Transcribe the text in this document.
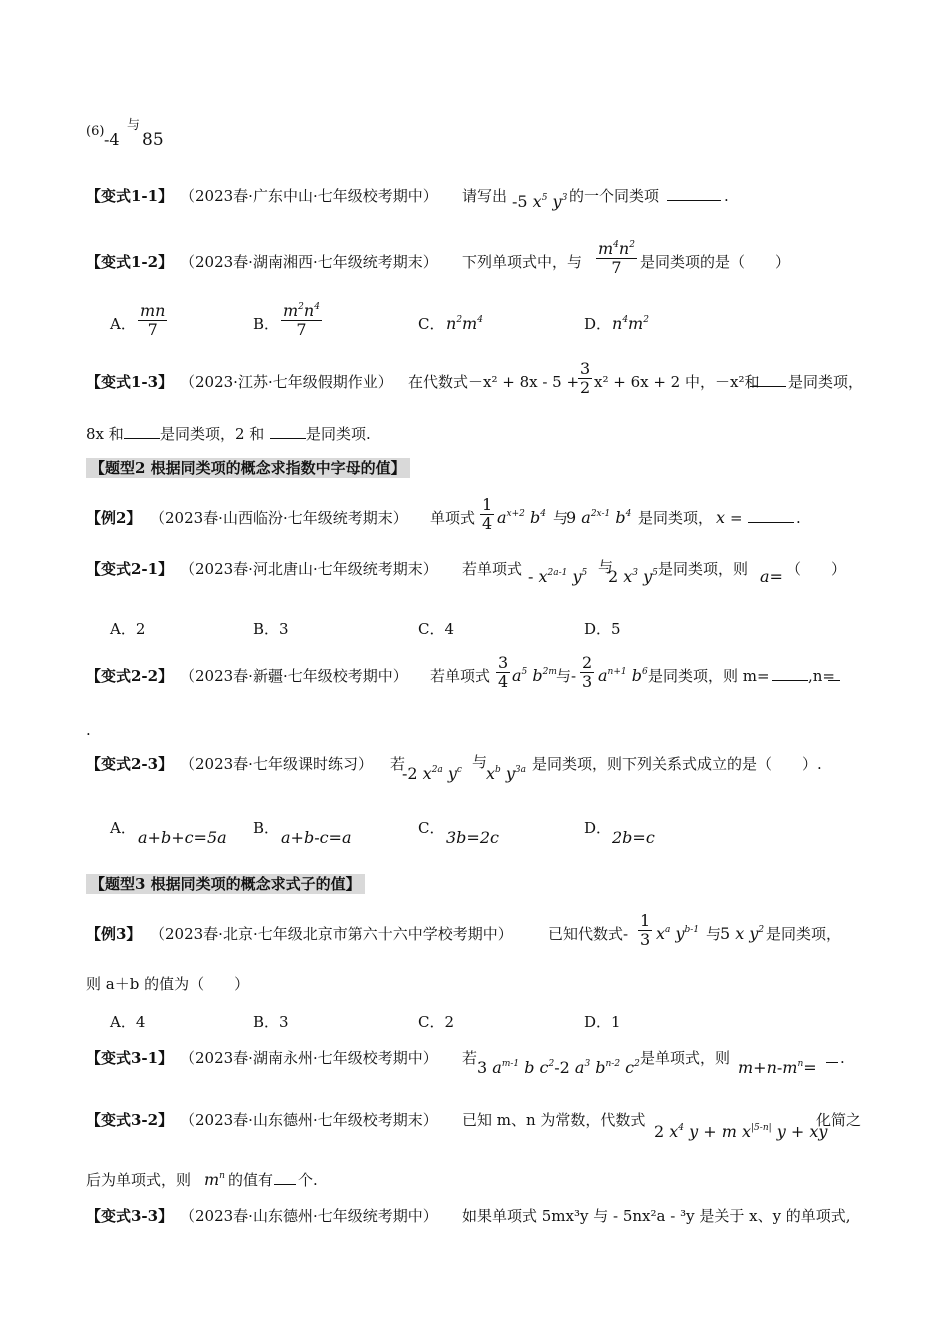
(6) -4
与
85
【变式1-1】 （2023春·广东中山·七年级校考期中） 请写出 -5 $x^5$ $y^3$ 的一个同类项	.
【变式1-2】 （2023春·湖南湘西·七年级统考期末） 下列单项式中，与 $\frac{m^4n^2}{7}$ 是同类项的是（　　）
A． $\frac{mn}{7}$	B． $\frac{m^2n^4}{7}$	C． $n^2m^4$	D． $n^4m^2$
【变式1-3】 （2023·江苏·七年级假期作业） 在代数式－x² + 8x - 5 +
$\frac{3}{2} x^2 + 6x + 2$ 中，－x²和 是同类项，
8x 和 是同类项，2 和	是同类项.
【题型2 根据同类项的概念求指数中字母的值】
【例2】 （2023春·山西临汾·七年级统考期末） 单项式 $\frac{1}{4} a^{x+2}$ $b^4$ 与
9 $a^{2x-1}$ $b^4$ 是同类项， x =	.
【变式2-1】 （2023春·河北唐山·七年级统考期末） 若单项式 - $x^{2a-1}$ $y^5$ 与
2 $x^3$ $y^5$ 是同类项，则 a= （　　）
A．2	B．3	C．4	D．5
【变式2-2】 （2023春·新疆·七年级校考期中） 若单项式 $\frac{3}{4} a^5$ $b^{2m}$ 与- $\frac{2}{3} a^{n+1}$ $b^6$ 是同类项，则 m=	,n=
.
【变式2-3】 （2023春·七年级课时练习） 若
-2 $x^{2a}$ $y^c$ 与
$x^b$ $y^{3a}$ 是同类项，则下列关系式成立的是（　　）.
A． a+b+c=5a B． a+b-c=a	C． 3b=2c	D． 2b=c
【题型3 根据同类项的概念求式子的值】
【例3】 （2023春·北京·七年级北京市第六十六中学校考期中） 已知代数式- $\frac{1}{3} x^a$ $y^{b-1}$ 与
5 x $y^2$ 是同类项，
则 a＋b 的值为（　　）
A．4	B．3	C．2	D．1
【变式3-1】 （2023春·湖南永州·七年级校考期中） 若 3 $a^{m-1}$ b $c^2-2$ $a^3$ $b^{n-2}$ $c^2$ 是单项式，则 $m+n-m^n=$ .
【变式3-2】 （2023春·山东德州·七年级校考期末） 已知 m、n 为常数，代数式
2 $x^4$ y + m $x^{|5-n|}$ y + xy
化简之
后为单项式，则 $m^n$ 的值有 个.
【变式3-3】 （2023春·山东德州·七年级统考期中） 如果单项式 5mx³y 与 - 5nx²a - ³y 是关于 x、y 的单项式,
